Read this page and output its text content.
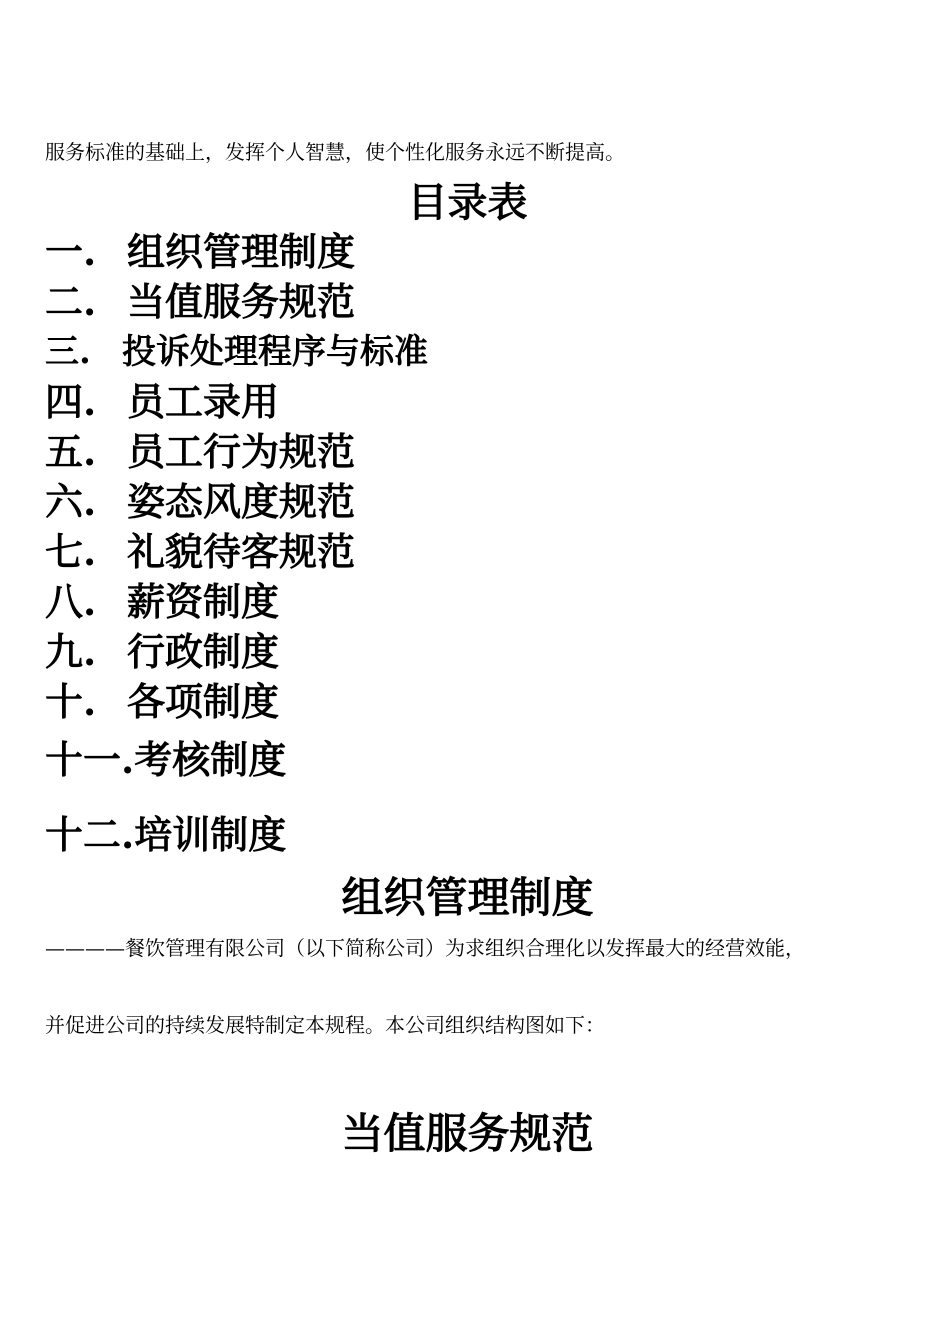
服务标准的基础上，发挥个人智慧，使个性化服务永远不断提高。

目录表
一. 组织管理制度
二. 当值服务规范
三. 投诉处理程序与标准
四. 员工录用
五. 员工行为规范
六. 姿态风度规范
七. 礼貌待客规范
八. 薪资制度
九. 行政制度
十. 各项制度
十一.考核制度
十二.培训制度
组织管理制度

————餐饮管理有限公司（以下简称公司）为求组织合理化以发挥最大的经营效能，

并促进公司的持续发展特制定本规程。本公司组织结构图如下：

当值服务规范
